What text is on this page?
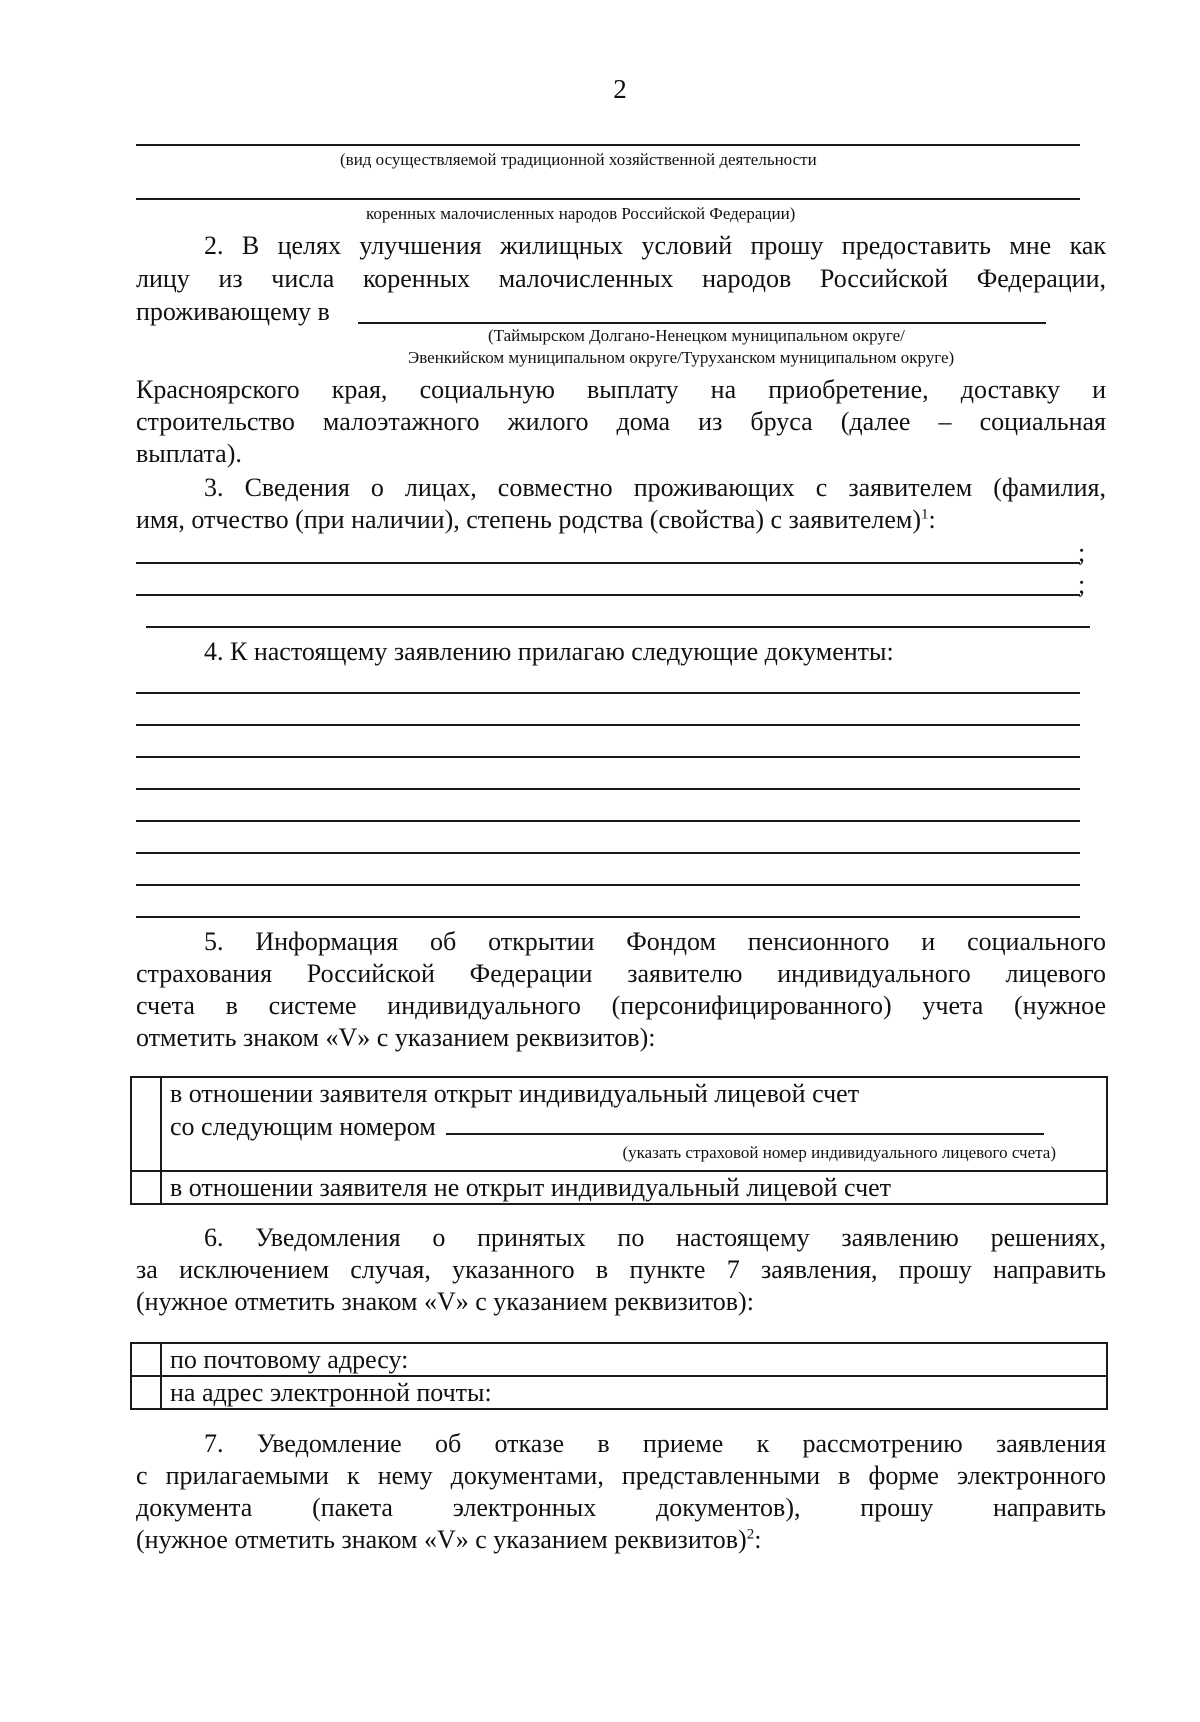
2
(вид осуществляемой традиционной хозяйственной деятельности
коренных малочисленных народов Российской Федерации)
2. В целях улучшения жилищных условий прошу предоставить мне как
лицу из числа коренных малочисленных народов Российской Федерации,
проживающему в
(Таймырском Долгано-Ненецком муниципальном округе/
Эвенкийском муниципальном округе/Туруханском муниципальном округе)
Красноярского края, социальную выплату на приобретение, доставку и
строительство малоэтажного жилого дома из бруса (далее – социальная
выплата).
3. Сведения о лицах, совместно проживающих с заявителем (фамилия,
имя, отчество (при наличии), степень родства (свойства) с заявителем)$^1$:
;
;
4. К настоящему заявлению прилагаю следующие документы:
5. Информация об открытии Фондом пенсионного и социального
страхования Российской Федерации заявителю индивидуального лицевого
счета в системе индивидуального (персонифицированного) учета (нужное
отметить знаком «V» с указанием реквизитов):

	в отношении заявителя открыт индивидуальный лицевой счет
со следующим номером
(указать страховой номер индивидуального лицевого счета)

	в отношении заявителя не открыт индивидуальный лицевой счет
6. Уведомления о принятых по настоящему заявлению решениях,
за исключением случая, указанного в пункте 7 заявления, прошу направить
(нужное отметить знаком «V» с указанием реквизитов):
	по почтовому адресу:
	на адрес электронной почты:
7. Уведомление об отказе в приеме к рассмотрению заявления
с прилагаемыми к нему документами, представленными в форме электронного
документа (пакета электронных документов), прошу направить
(нужное отметить знаком «V» с указанием реквизитов)$^2$:
